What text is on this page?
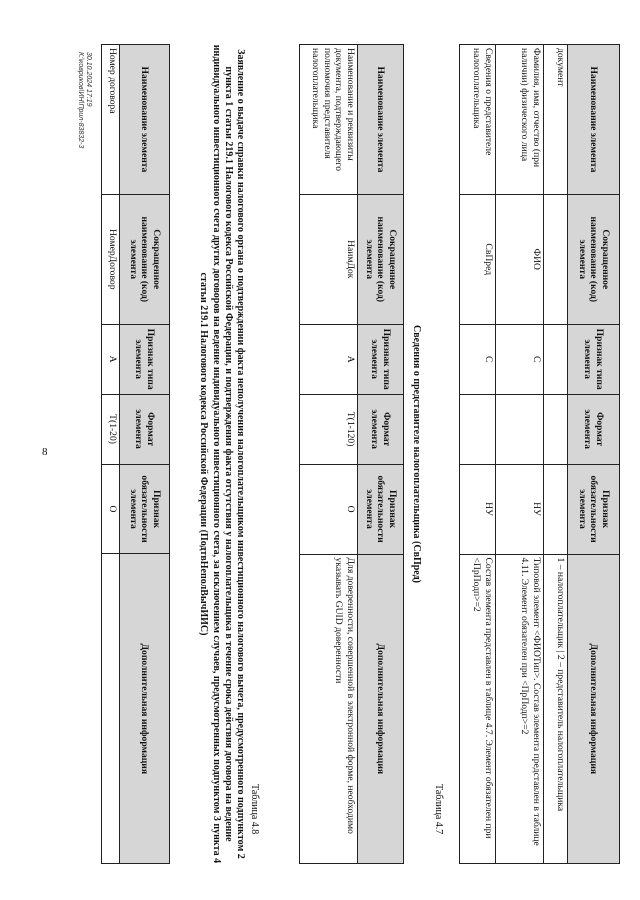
8
Наименование элемента	Сокращенное наименование (код) элемента	Признак типа элемента	Формат элемента	Признак обязательности элемента	Дополнительная информация
документ					1 – налогоплательщик | 2 – представитель налогоплательщика
Фамилия, имя, отчество (при наличии) физического лица	ФИО	С		НУ	Типовой элемент <ФИОТип>. Состав элемента представлен в таблице 4.11. Элемент обязателен при <ПрПодп>=2
Сведения о представителе налогоплательщика	СвПред	С		НУ	Состав элемента представлен в таблице 4.7. Элемент обязателен при <ПрПодп>=2
Таблица 4.7
Сведения о представителе налогоплательщика (СвПред)
Наименование элемента	Сокращенное наименование (код) элемента	Признак типа элемента	Формат элемента	Признак обязательности элемента	Дополнительная информация
Наименование и реквизиты документа, подтверждающего полномочия представителя налогоплательщика	НаимДок	А	T(1-120)	О	Для доверенности, совершенной в электронной форме, необходимо указывать GUID доверенности
Таблица 4.8
Заявление о выдаче справки налогового органа о подтверждении факта неполучения налогоплательщиком инвестиционного налогового вычета, предусмотренного подпунктом 2 пункта 1 статьи 219.1 Налогового кодекса Российской Федерации, и подтверждения факта отсутствия у налогоплательщика в течение срока действия договора на ведение индивидуального инвестиционного счета других договоров на ведение индивидуального инвестиционного счета, за исключением случаев, предусмотренных подпунктом 3 пункта 4 статьи 219.1 Налогового кодекса Российской Федерации (ПодтвНеполВычИИС)
Наименование элемента	Сокращенное наименование (код) элемента	Признак типа элемента	Формат элемента	Признак обязательности элемента	Дополнительная информация
Номер договора	НомерДоговор	А	T(1-20)	О	
30.10.2024 17:19
К:\ковриков\ИН\Прил-83832-3
